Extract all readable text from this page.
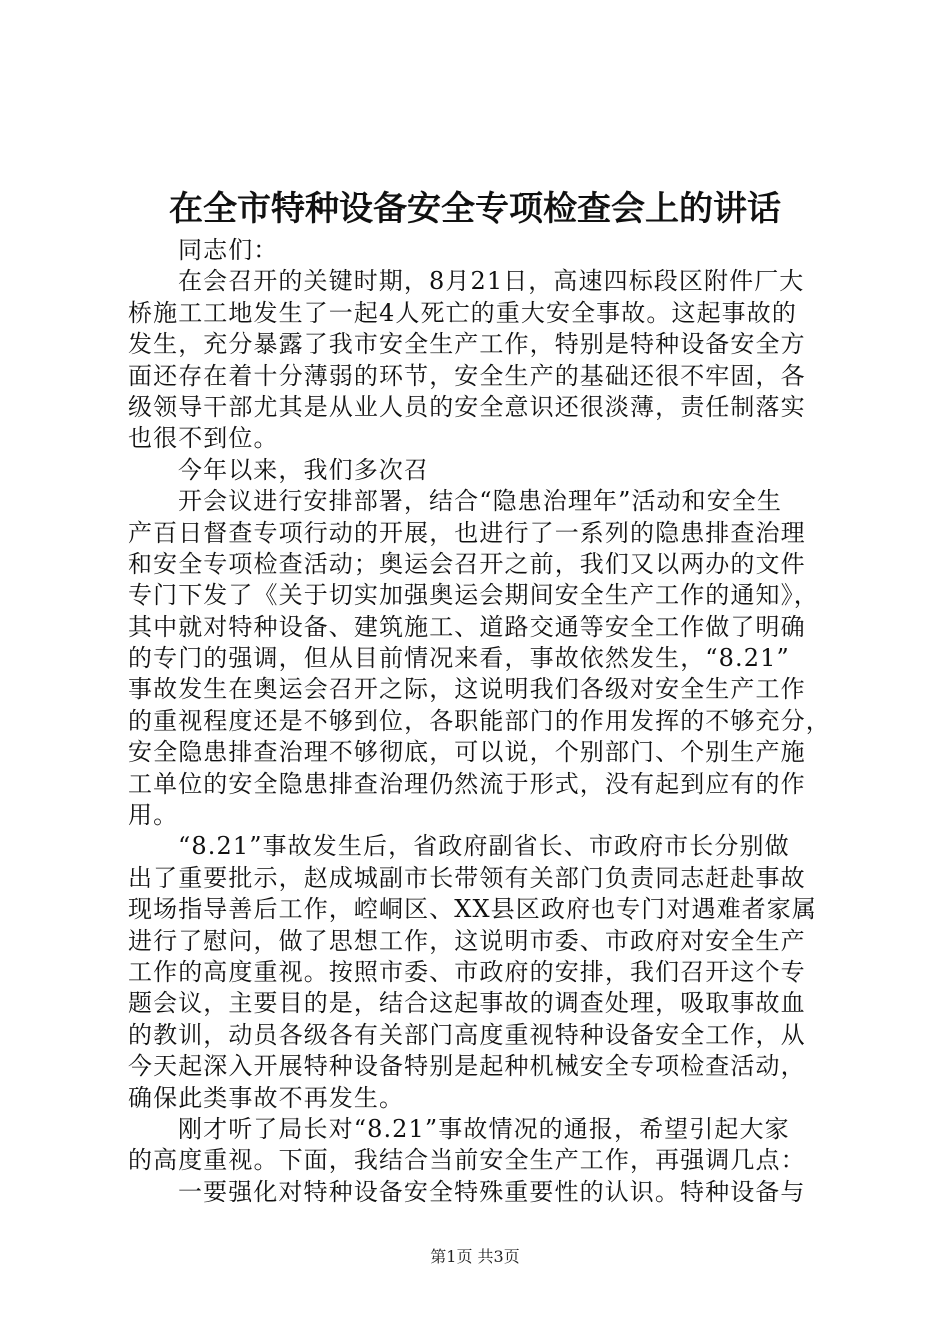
在全市特种设备安全专项检查会上的讲话
同志们：
在会召开的关键时期，8月21日，高速四标段区附件厂大
桥施工工地发生了一起4人死亡的重大安全事故。这起事故的
发生，充分暴露了我市安全生产工作，特别是特种设备安全方
面还存在着十分薄弱的环节，安全生产的基础还很不牢固，各
级领导干部尤其是从业人员的安全意识还很淡薄，责任制落实
也很不到位。
今年以来，我们多次召
开会议进行安排部署，结合“隐患治理年”活动和安全生
产百日督查专项行动的开展，也进行了一系列的隐患排查治理
和安全专项检查活动；奥运会召开之前，我们又以两办的文件
专门下发了《关于切实加强奥运会期间安全生产工作的通知》，
其中就对特种设备、建筑施工、道路交通等安全工作做了明确
的专门的强调，但从目前情况来看，事故依然发生，“8.21”
事故发生在奥运会召开之际，这说明我们各级对安全生产工作
的重视程度还是不够到位，各职能部门的作用发挥的不够充分，
安全隐患排查治理不够彻底，可以说，个别部门、个别生产施
工单位的安全隐患排查治理仍然流于形式，没有起到应有的作
用。
“8.21”事故发生后，省政府副省长、市政府市长分别做
出了重要批示，赵成城副市长带领有关部门负责同志赶赴事故
现场指导善后工作，崆峒区、XX县区政府也专门对遇难者家属
进行了慰问，做了思想工作，这说明市委、市政府对安全生产
工作的高度重视。按照市委、市政府的安排，我们召开这个专
题会议，主要目的是，结合这起事故的调查处理，吸取事故血
的教训，动员各级各有关部门高度重视特种设备安全工作，从
今天起深入开展特种设备特别是起种机械安全专项检查活动，
确保此类事故不再发生。
刚才听了局长对“8.21”事故情况的通报，希望引起大家
的高度重视。下面，我结合当前安全生产工作，再强调几点：
一要强化对特种设备安全特殊重要性的认识。特种设备与
第1页 共3页
